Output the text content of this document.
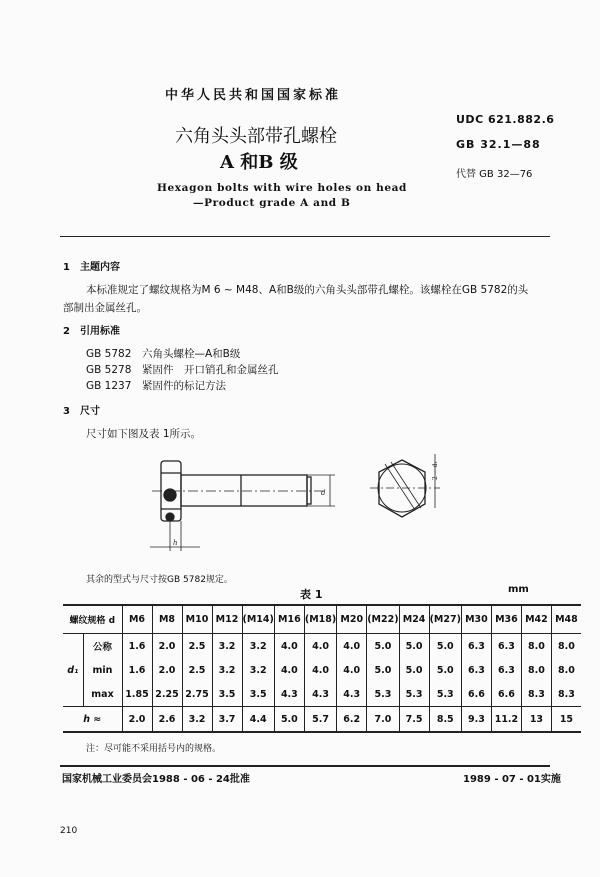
中华人民共和国国家标准
六角头头部带孔螺栓
A 和B 级
Hexagon bolts with wire holes on head
—Product grade A and B
UDC 621.882.6
GB 32.1—88
代替 GB 32—76
1  主题内容
本标准规定了螺纹规格为M 6 ~ M48、A和B级的六角头头部带孔螺栓。该螺栓在GB 5782的头
部制出金属丝孔。
2  引用标准
GB 5782 六角头螺栓—A和B级
GB 5278 紧固件　开口销孔和金属丝孔
GB 1237 紧固件的标记方法
3  尺寸
尺寸如下图及表 1所示。
d
h
2 − d₁
其余的型式与尺寸按GB 5782规定。
表 1	mm
螺纹规格 d		M6	M8	M10	M12	(M14)	M16	(M18)	M20	(M22)	M24	(M27)	M30	M36	M42	M48
d₁	公称	1.6	2.0	2.5	3.2	3.2	4.0	4.0	4.0	5.0	5.0	5.0	6.3	6.3	8.0	8.0
	min	1.6	2.0	2.5	3.2	3.2	4.0	4.0	4.0	5.0	5.0	5.0	6.3	6.3	8.0	8.0
	max	1.85	2.25	2.75	3.5	3.5	4.3	4.3	4.3	5.3	5.3	5.3	6.6	6.6	8.3	8.3
h ≈		2.0	2.6	3.2	3.7	4.4	5.0	5.7	6.2	7.0	7.5	8.5	9.3	11.2	13	15
注：尽可能不采用括号内的规格。
国家机械工业委员会1988 - 06 - 24批准	1989 - 07 - 01实施
210
